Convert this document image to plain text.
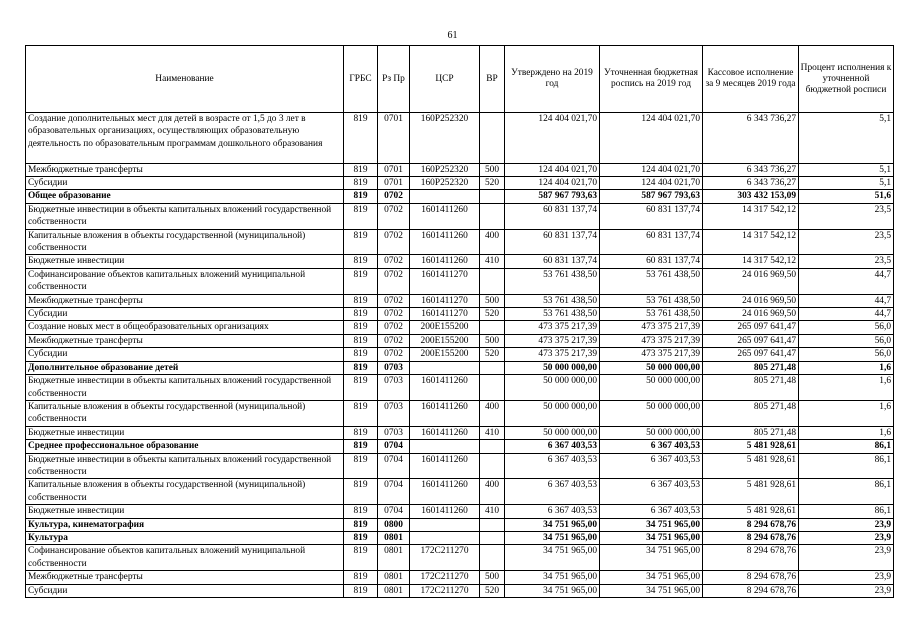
61
Наименование	ГРБС	Рз Пр	ЦСР	ВР	Утверждено на 2019 год	Уточненная бюджетная роспись на 2019 год	Кассовое исполнение за 9 месяцев 2019 года	Процент исполнения к уточненной бюджетной росписи
Создание дополнительных мест для детей в возрасте от 1,5 до 3 лет в образовательных организациях, осуществляющих образовательную деятельность по образовательным программам дошкольного образования	819	0701	160Р252320		124 404 021,70	124 404 021,70	6 343 736,27	5,1
Межбюджетные трансферты	819	0701	160Р252320	500	124 404 021,70	124 404 021,70	6 343 736,27	5,1
Субсидии	819	0701	160Р252320	520	124 404 021,70	124 404 021,70	6 343 736,27	5,1
Общее образование	819	0702			587 967 793,63	587 967 793,63	303 432 153,09	51,6
Бюджетные инвестиции в объекты капитальных вложений государственной собственности	819	0702	1601411260		60 831 137,74	60 831 137,74	14 317 542,12	23,5
Капитальные вложения в объекты государственной (муниципальной) собственности	819	0702	1601411260	400	60 831 137,74	60 831 137,74	14 317 542,12	23,5
Бюджетные инвестиции	819	0702	1601411260	410	60 831 137,74	60 831 137,74	14 317 542,12	23,5
Софинансирование объектов капитальных вложений муниципальной собственности	819	0702	1601411270		53 761 438,50	53 761 438,50	24 016 969,50	44,7
Межбюджетные трансферты	819	0702	1601411270	500	53 761 438,50	53 761 438,50	24 016 969,50	44,7
Субсидии	819	0702	1601411270	520	53 761 438,50	53 761 438,50	24 016 969,50	44,7
Создание новых мест в общеобразовательных организациях	819	0702	200Е155200		473 375 217,39	473 375 217,39	265 097 641,47	56,0
Межбюджетные трансферты	819	0702	200Е155200	500	473 375 217,39	473 375 217,39	265 097 641,47	56,0
Субсидии	819	0702	200Е155200	520	473 375 217,39	473 375 217,39	265 097 641,47	56,0
Дополнительное образование детей	819	0703			50 000 000,00	50 000 000,00	805 271,48	1,6
Бюджетные инвестиции в объекты капитальных вложений государственной собственности	819	0703	1601411260		50 000 000,00	50 000 000,00	805 271,48	1,6
Капитальные вложения в объекты государственной (муниципальной) собственности	819	0703	1601411260	400	50 000 000,00	50 000 000,00	805 271,48	1,6
Бюджетные инвестиции	819	0703	1601411260	410	50 000 000,00	50 000 000,00	805 271,48	1,6
Среднее профессиональное образование	819	0704			6 367 403,53	6 367 403,53	5 481 928,61	86,1
Бюджетные инвестиции в объекты капитальных вложений государственной собственности	819	0704	1601411260		6 367 403,53	6 367 403,53	5 481 928,61	86,1
Капитальные вложения в объекты государственной (муниципальной) собственности	819	0704	1601411260	400	6 367 403,53	6 367 403,53	5 481 928,61	86,1
Бюджетные инвестиции	819	0704	1601411260	410	6 367 403,53	6 367 403,53	5 481 928,61	86,1
Культура, кинематография	819	0800			34 751 965,00	34 751 965,00	8 294 678,76	23,9
Культура	819	0801			34 751 965,00	34 751 965,00	8 294 678,76	23,9
Софинансирование объектов капитальных вложений муниципальной собственности	819	0801	172С211270		34 751 965,00	34 751 965,00	8 294 678,76	23,9
Межбюджетные трансферты	819	0801	172С211270	500	34 751 965,00	34 751 965,00	8 294 678,76	23,9
Субсидии	819	0801	172С211270	520	34 751 965,00	34 751 965,00	8 294 678,76	23,9
